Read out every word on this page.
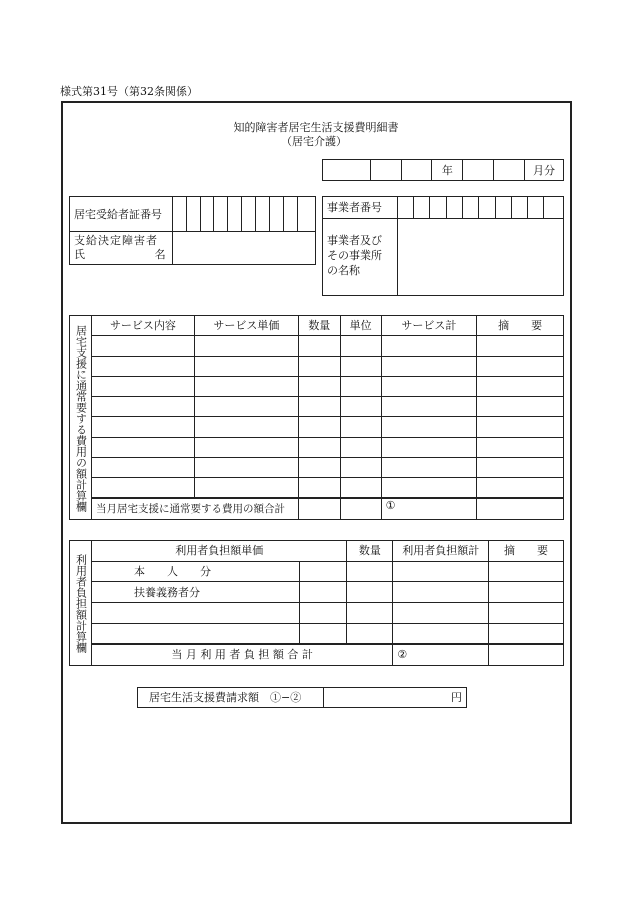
様式第31号（第32条関係）
知的障害者居宅生活支援費明細書
（居宅介護）
			年			月分
居宅受給者証番号										

支給決定障害者
氏 名										

事業者番号										

事業者及び
その事業所
の名称										

居宅支援に通常要する費用の額計算欄	サービス内容	サービス単価	数量	単位	サービス計	摘　　要

	当月居宅支援に通常要する費用の額合計				①	
利用者負担額計算欄	利用者負担額単価		数量	利用者負担額計	摘　　要
	本　　人　　分				
	扶養義務者分				

	当 月 利 用 者 負 担 額 合 計			②	
居宅生活支援費請求額　①−②	円
